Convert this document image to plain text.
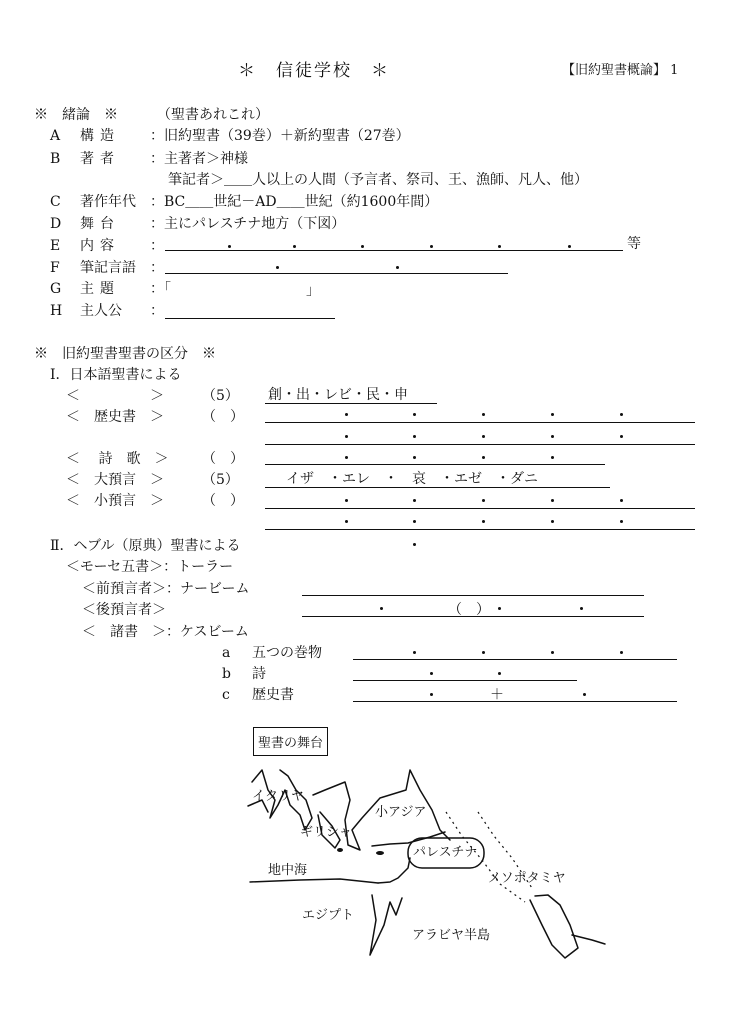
＊　信徒学校　＊	【旧約聖書概論】 1
※　緒論　※	（聖書あれこれ）
A 構造 ：旧約聖書（39巻）＋新約聖書（27巻）
B 著者 ：主著者＞神様
筆記者＞＿＿人以上の人間（予言者、祭司、王、漁師、凡人、他）
C 著作年代 ：BC＿＿世紀－AD＿＿世紀（約1600年間）
D 舞台 ：主にパレスチナ地方（下図）
E 内容 ：	等
F 筆記言語 ：
G 主題 ：「	」
H 主人公 ：
※　旧約聖書聖書の区分　※
Ⅰ．日本語聖書による
＜　　　　　＞	（5） 創・出・レビ・民・申
＜　歴史書　＞	（　）
＜　 詩　歌　＞ （　）
＜　大預言　＞	（5）	イザ　・エレ　・　哀　・エゼ　・ダニ
＜　小預言　＞	（　）
Ⅱ．ヘブル（原典）聖書による
＜モーセ五書＞：トーラー
＜前預言者＞：ナービーム
＜後預言者＞	（　）
＜　諸書　＞：ケスビーム
a 五つの巻物
b 詩
c 歴史書	＋
聖書の舞台
イタリヤ
ギリシャ
小アジア
パレスチナ
地中海
メソポタミヤ
エジプト
アラビヤ半島
